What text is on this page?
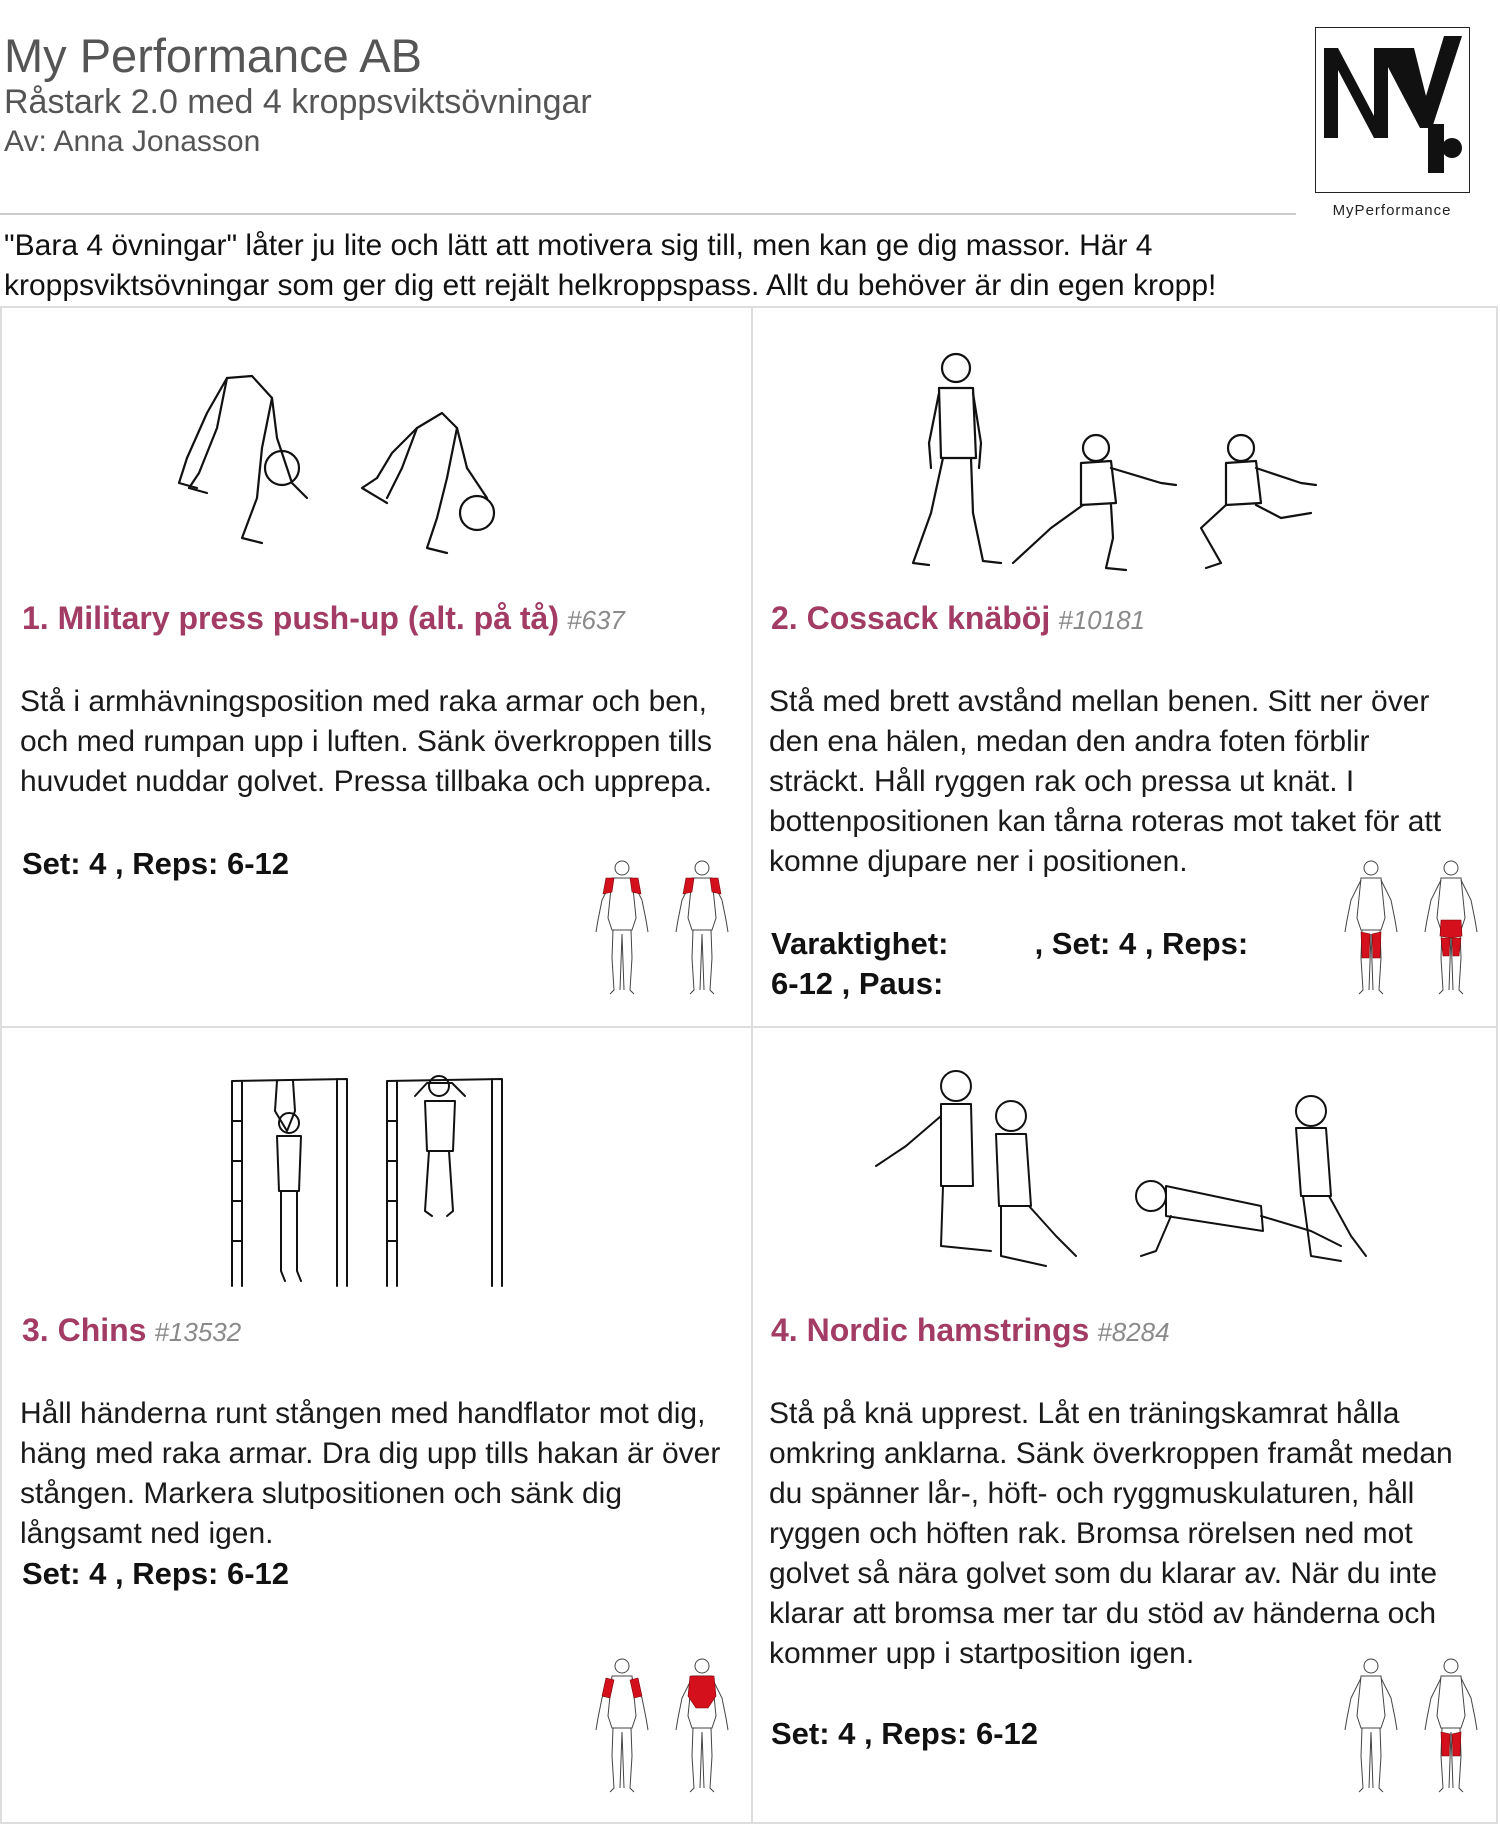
My Performance AB
Råstark 2.0 med 4 kroppsviktsövningar
Av: Anna Jonasson
MyPerformance
"Bara 4 övningar" låter ju lite och lätt att motivera sig till, men kan ge dig massor. Här 4 kroppsviktsövningar som ger dig ett rejält helkroppspass. Allt du behöver är din egen kropp!
1. Military press push-up (alt. på tå) #637
Stå i armhävningsposition med raka armar och ben, och med rumpan upp i luften. Sänk överkroppen tills huvudet nuddar golvet. Pressa tillbaka och upprepa.
Set: 4 , Reps: 6-12
2. Cossack knäböj #10181
Stå med brett avstånd mellan benen. Sitt ner över den ena hälen, medan den andra foten förblir sträckt. Håll ryggen rak och pressa ut knät. I bottenpositionen kan tårna roteras mot taket för att komne djupare ner i positionen.
Varaktighet:          , Set: 4 , Reps:
6-12 , Paus:
3. Chins #13532
Håll händerna runt stången med handflator mot dig, häng med raka armar. Dra dig upp tills hakan är över stången. Markera slutpositionen och sänk dig långsamt ned igen.
Set: 4 , Reps: 6-12
4. Nordic hamstrings #8284
Stå på knä upprest. Låt en träningskamrat hålla omkring anklarna. Sänk överkroppen framåt medan du spänner lår-, höft- och ryggmuskulaturen, håll ryggen och höften rak. Bromsa rörelsen ned mot golvet så nära golvet som du klarar av. När du inte klarar att bromsa mer tar du stöd av händerna och kommer upp i startposition igen.
Set: 4 , Reps: 6-12
